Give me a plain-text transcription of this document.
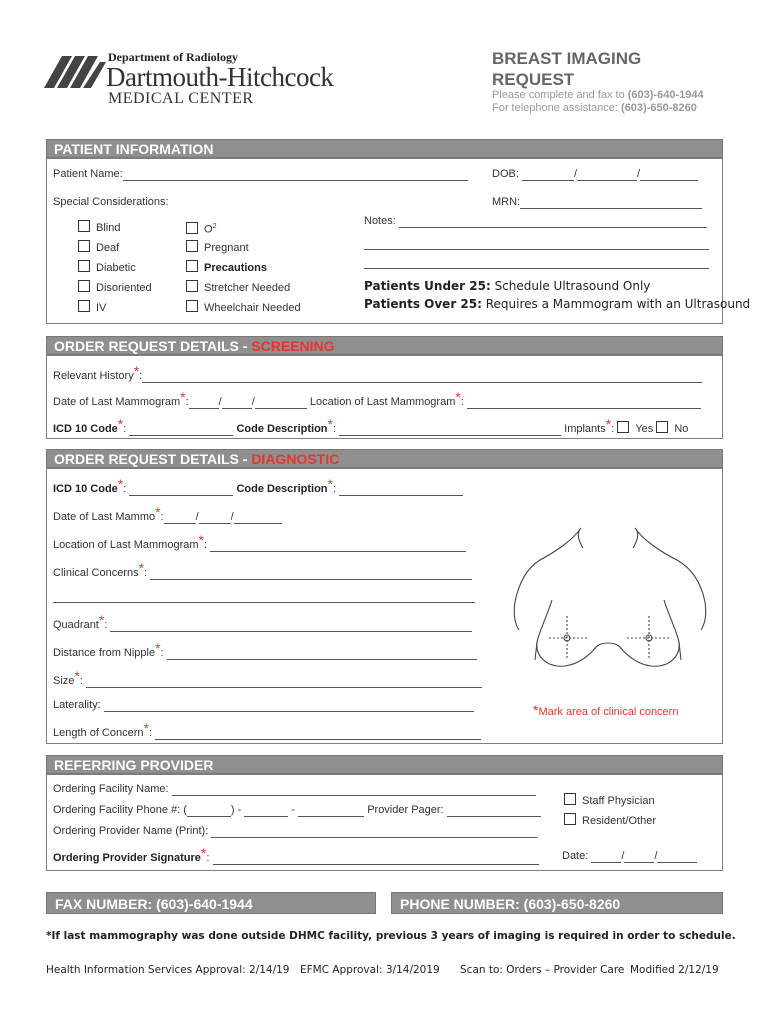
Department of Radiology
Dartmouth-Hitchcock
MEDICAL CENTER
BREAST IMAGING
REQUEST
Please complete and fax to (603)-640-1944
For telephone assistance: (603)-650-8260
PATIENT INFORMATION
Patient Name:	DOB:	/	/
Special Considerations:	MRN:
Blind
Deaf
Diabetic
Disoriented
IV
$O^2$
Pregnant
Precautions
Stretcher Needed
Wheelchair Needed
Notes:
Patients Under 25: Schedule Ultrasound Only
Patients Over 25: Requires a Mammogram with an Ultrasound
ORDER REQUEST DETAILS - SCREENING
Relevant History*:
Date of Last Mammogram*:	/	/	Location of Last Mammogram*:
ICD 10 Code*:	Code Description*:	Implants*: Yes No
ORDER REQUEST DETAILS - DIAGNOSTIC
ICD 10 Code*:	Code Description*:
Date of Last Mammo*:	/	/
Location of Last Mammogram*:
Clinical Concerns*:
Quadrant*:
Distance from Nipple*:
Size*:
Laterality:
Length of Concern*:
*Mark area of clinical concern
REFERRING PROVIDER
Ordering Facility Name:
Ordering Facility Phone #: (	) -	-	Provider Pager:
Ordering Provider Name (Print):
Ordering Provider Signature*:
Staff Physician
Resident/Other
Date:	/	/
FAX NUMBER: (603)-640-1944	PHONE NUMBER: (603)-650-8260
*If last mammography was done outside DHMC facility, previous 3 years of imaging is required in order to schedule.
Health Information Services Approval: 2/14/19 EFMC Approval: 3/14/2019 Scan to: Orders – Provider Care Modified 2/12/19
